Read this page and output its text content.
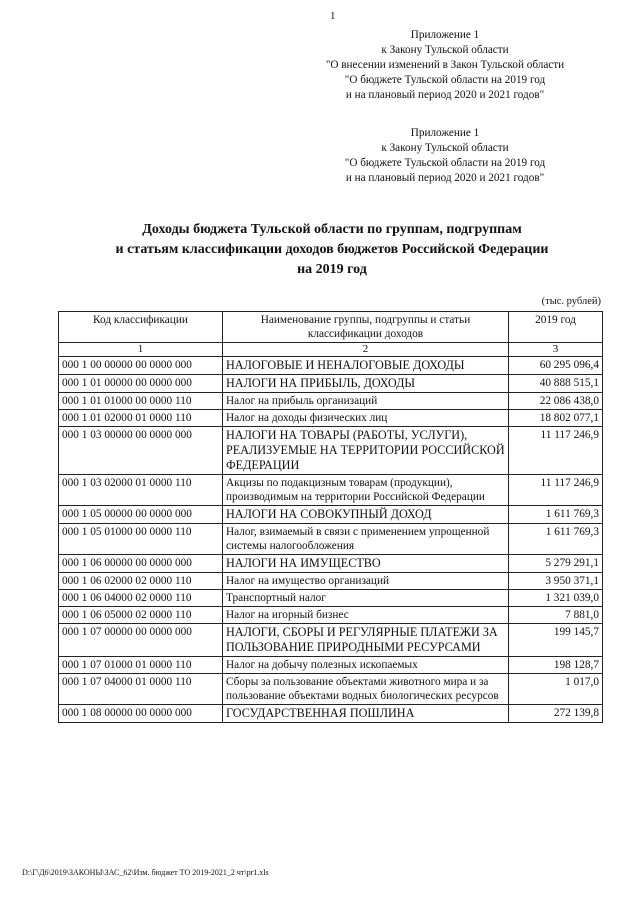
1
Приложение 1
к Закону Тульской области
"О внесении изменений в Закон Тульской области
"О бюджете Тульской области на 2019 год
и на плановый период 2020 и 2021 годов"
Приложение 1
к Закону Тульской области
"О бюджете Тульской области на 2019 год
и на плановый период 2020 и 2021 годов"
Доходы бюджета Тульской области по группам, подгруппам
и статьям классификации доходов бюджетов Российской Федерации
на 2019 год
(тыс. рублей)
Код классификации	Наименование группы, подгруппы и статьи классификации доходов	2019 год
1	2	3
000 1 00 00000 00 0000 000	НАЛОГОВЫЕ И НЕНАЛОГОВЫЕ ДОХОДЫ	60 295 096,4
000 1 01 00000 00 0000 000	НАЛОГИ НА ПРИБЫЛЬ, ДОХОДЫ	40 888 515,1
000 1 01 01000 00 0000 110	Налог на прибыль организаций	22 086 438,0
000 1 01 02000 01 0000 110	Налог на доходы физических лиц	18 802 077,1
000 1 03 00000 00 0000 000	НАЛОГИ НА ТОВАРЫ (РАБОТЫ, УСЛУГИ), РЕАЛИЗУЕМЫЕ НА ТЕРРИТОРИИ РОССИЙСКОЙ ФЕДЕРАЦИИ	11 117 246,9
000 1 03 02000 01 0000 110	Акцизы по подакцизным товарам (продукции), производимым на территории Российской Федерации	11 117 246,9
000 1 05 00000 00 0000 000	НАЛОГИ НА СОВОКУПНЫЙ ДОХОД	1 611 769,3
000 1 05 01000 00 0000 110	Налог, взимаемый в связи с применением упрощенной системы налогообложения	1 611 769,3
000 1 06 00000 00 0000 000	НАЛОГИ НА ИМУЩЕСТВО	5 279 291,1
000 1 06 02000 02 0000 110	Налог на имущество организаций	3 950 371,1
000 1 06 04000 02 0000 110	Транспортный налог	1 321 039,0
000 1 06 05000 02 0000 110	Налог на игорный бизнес	7 881,0
000 1 07 00000 00 0000 000	НАЛОГИ, СБОРЫ И РЕГУЛЯРНЫЕ ПЛАТЕЖИ ЗА ПОЛЬЗОВАНИЕ ПРИРОДНЫМИ РЕСУРСАМИ	199 145,7
000 1 07 01000 01 0000 110	Налог на добычу полезных ископаемых	198 128,7
000 1 07 04000 01 0000 110	Сборы за пользование объектами животного мира и за пользование объектами водных биологических ресурсов	1 017,0
000 1 08 00000 00 0000 000	ГОСУДАРСТВЕННАЯ ПОШЛИНА	272 139,8
D:\Г\Д6\2019\ЗАКОНЫ\ЗАС_62\Изм. бюджет ТО 2019-2021_2 чт\pr1.xls
